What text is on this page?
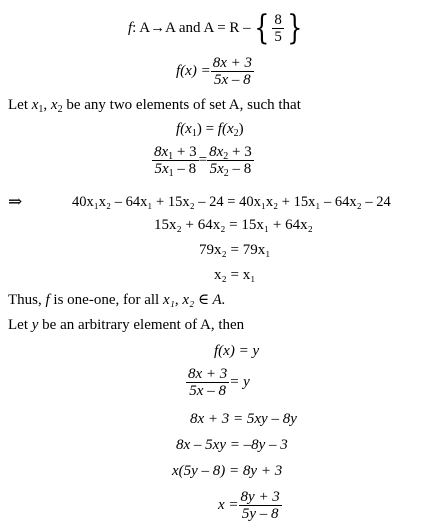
f : A → A and A = R – { $\frac{8}{5}$ }
$f(x) = \frac{8x + 3}{5x - 8}$
Let $x_1$, $x_2$ be any two elements of set A, such that
$f(x_1) = f(x_2)$
$\frac{8x_1 + 3}{5x_1 - 8} = \frac{8x_2 + 3}{5x_2 - 8}$
⇒	40x₁x₂ – 64x₁ + 15x₂ – 24 = 40x₁x₂ + 15x₁ – 64x₂ – 24
15x₂ + 64x₂ = 15x₁ + 64x₂
79x₂ = 79x₁
x₂ = x₁
Thus, f is one-one, for all x₁, x₂ ∈ A.
Let y be an arbitrary element of A, then
f(x) = y
$\frac{8x + 3}{5x - 8} = y$
8x + 3 = 5xy – 8y
8x – 5xy = –8y – 3
x(5y – 8) = 8y + 3
$x = \frac{8y + 3}{5y - 8}$
